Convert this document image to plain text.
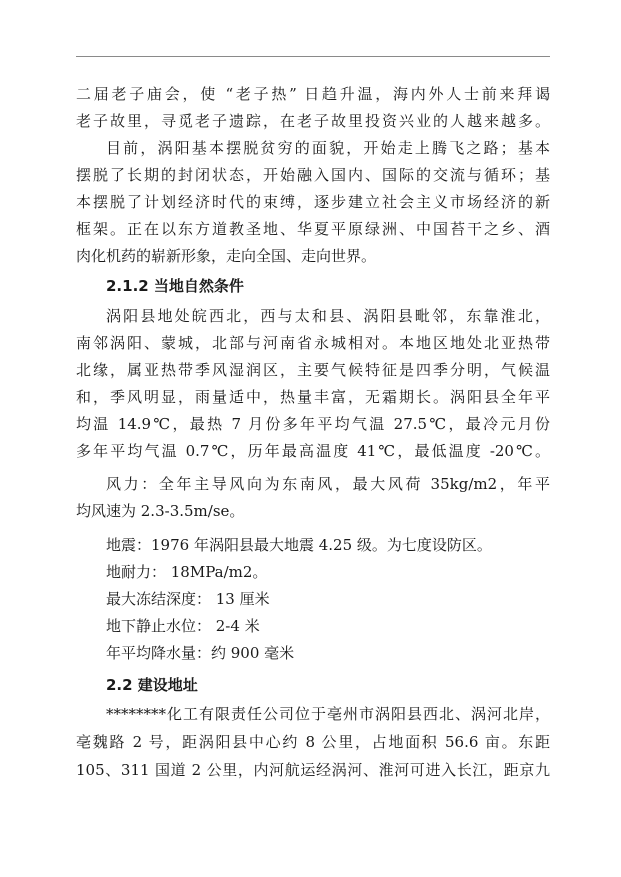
二届老子庙会，使 “老子热” 日趋升温，海内外人士前来拜谒
老子故里，寻觅老子遗踪，在老子故里投资兴业的人越来越多。
目前，涡阳基本摆脱贫穷的面貌，开始走上腾飞之路；基本
摆脱了长期的封闭状态，开始融入国内、国际的交流与循环；基
本摆脱了计划经济时代的束缚，逐步建立社会主义市场经济的新
框架。正在以东方道教圣地、华夏平原绿洲、中国苔干之乡、酒
肉化机药的崭新形象，走向全国、走向世界。
2.1.2 当地自然条件
涡阳县地处皖西北，西与太和县、涡阳县毗邻，东靠淮北，
南邻涡阳、蒙城，北部与河南省永城相对。本地区地处北亚热带
北缘，属亚热带季风湿润区，主要气候特征是四季分明，气候温
和，季风明显，雨量适中，热量丰富，无霜期长。涡阳县全年平
均温 14.9℃，最热 7 月份多年平均气温 27.5℃，最冷元月份
多年平均气温 0.7℃，历年最高温度 41℃，最低温度 -20℃。
风力：全年主导风向为东南风，最大风荷 35kg/m2，年平
均风速为 2.3-3.5m/se。
地震：1976 年涡阳县最大地震 4.25 级。为七度设防区。
地耐力： 18MPa/m2。
最大冻结深度： 13 厘米
地下静止水位： 2-4 米
年平均降水量：约 900 毫米
2.2 建设地址
********化工有限责任公司位于亳州市涡阳县西北、涡河北岸，
亳魏路 2 号，距涡阳县中心约 8 公里，占地面积 56.6 亩。东距
105、311 国道 2 公里，内河航运经涡河、淮河可进入长江，距京九
